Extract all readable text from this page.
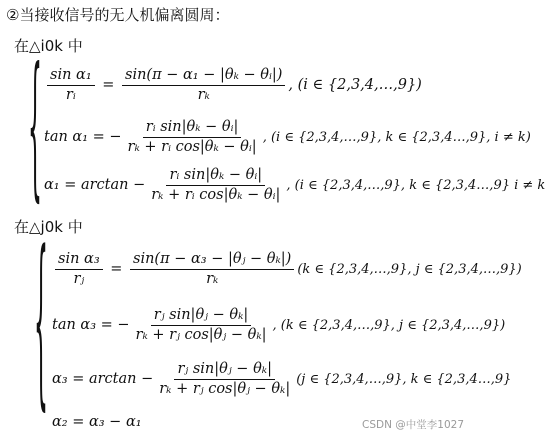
②当接收信号的无人机偏离圆周：
在△i0k 中
{ $\frac{\text{sin α₁}}{\text{rᵢ}} = \frac{\text{sin(π − α₁ − |θₖ − θᵢ|)}}{\text{rₖ}}$ , (i ∈ {2,3,4,…,9})
tan α₁ = − $\frac{\text{rᵢ sin|θₖ − θᵢ|}}{\text{rₖ + rᵢ cos|θₖ − θᵢ|}}$ , (i ∈ {2,3,4,…,9}, k ∈ {2,3,4…,9}, i ≠ k)
$\alpha_1 = \arctan - \frac{\text{rᵢ sin|θₖ − θᵢ|}}{\text{rₖ + rᵢ cos|θₖ − θᵢ|}}$ , (i ∈ {2,3,4,…,9}, k ∈ {2,3,4…,9} i ≠ k
在△j0k 中
{ $\frac{\text{sin α₃}}{\text{rⱼ}} = \frac{\text{sin(π − α₃ − |θⱼ − θₖ|)}}{\text{rₖ}} (k$ ∈ {2,3,4,…,9}, j ∈ {2,3,4,…,9})
tan α₃ = − $\frac{\text{rⱼ sin|θⱼ − θₖ|}}{\text{rₖ + rⱼ cos|θⱼ − θₖ|}}$ , (k ∈ {2,3,4,…,9}, j ∈ {2,3,4,…,9})
$\alpha_3 = \arctan - \frac{\text{rⱼ sin|θⱼ − θₖ|}}{\text{rₖ + rⱼ cos|θⱼ − θₖ|}} (j$ ∈ {2,3,4,…,9}, k ∈ {2,3,4…,9}
α₂ = α₃ − α₁	CSDN @中堂李1027
